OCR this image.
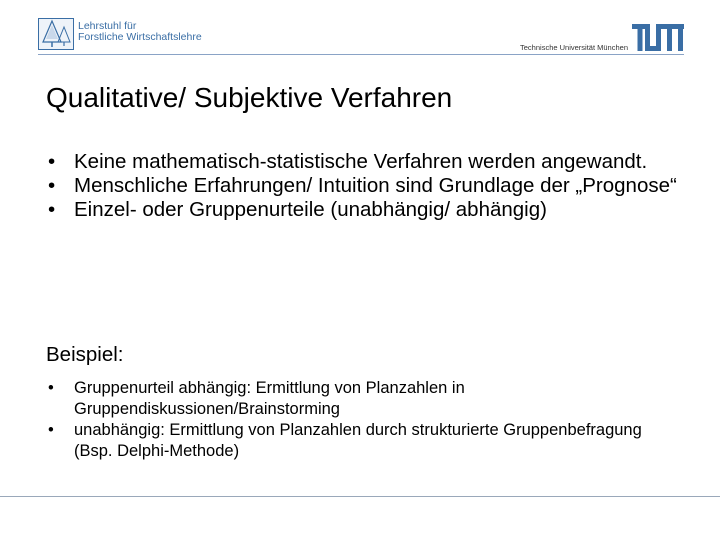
Lehrstuhl für
Forstliche Wirtschaftslehre
Technische Universität München
Qualitative/ Subjektive Verfahren
• Keine mathematisch-statistische Verfahren werden angewandt.
• Menschliche Erfahrungen/ Intuition sind Grundlage der „Prognose“
• Einzel- oder Gruppenurteile (unabhängig/ abhängig)
Beispiel:
• Gruppenurteil abhängig: Ermittlung von Planzahlen in Gruppendiskussionen/Brainstorming
• unabhängig: Ermittlung von Planzahlen durch strukturierte Gruppenbefragung (Bsp. Delphi-Methode)
